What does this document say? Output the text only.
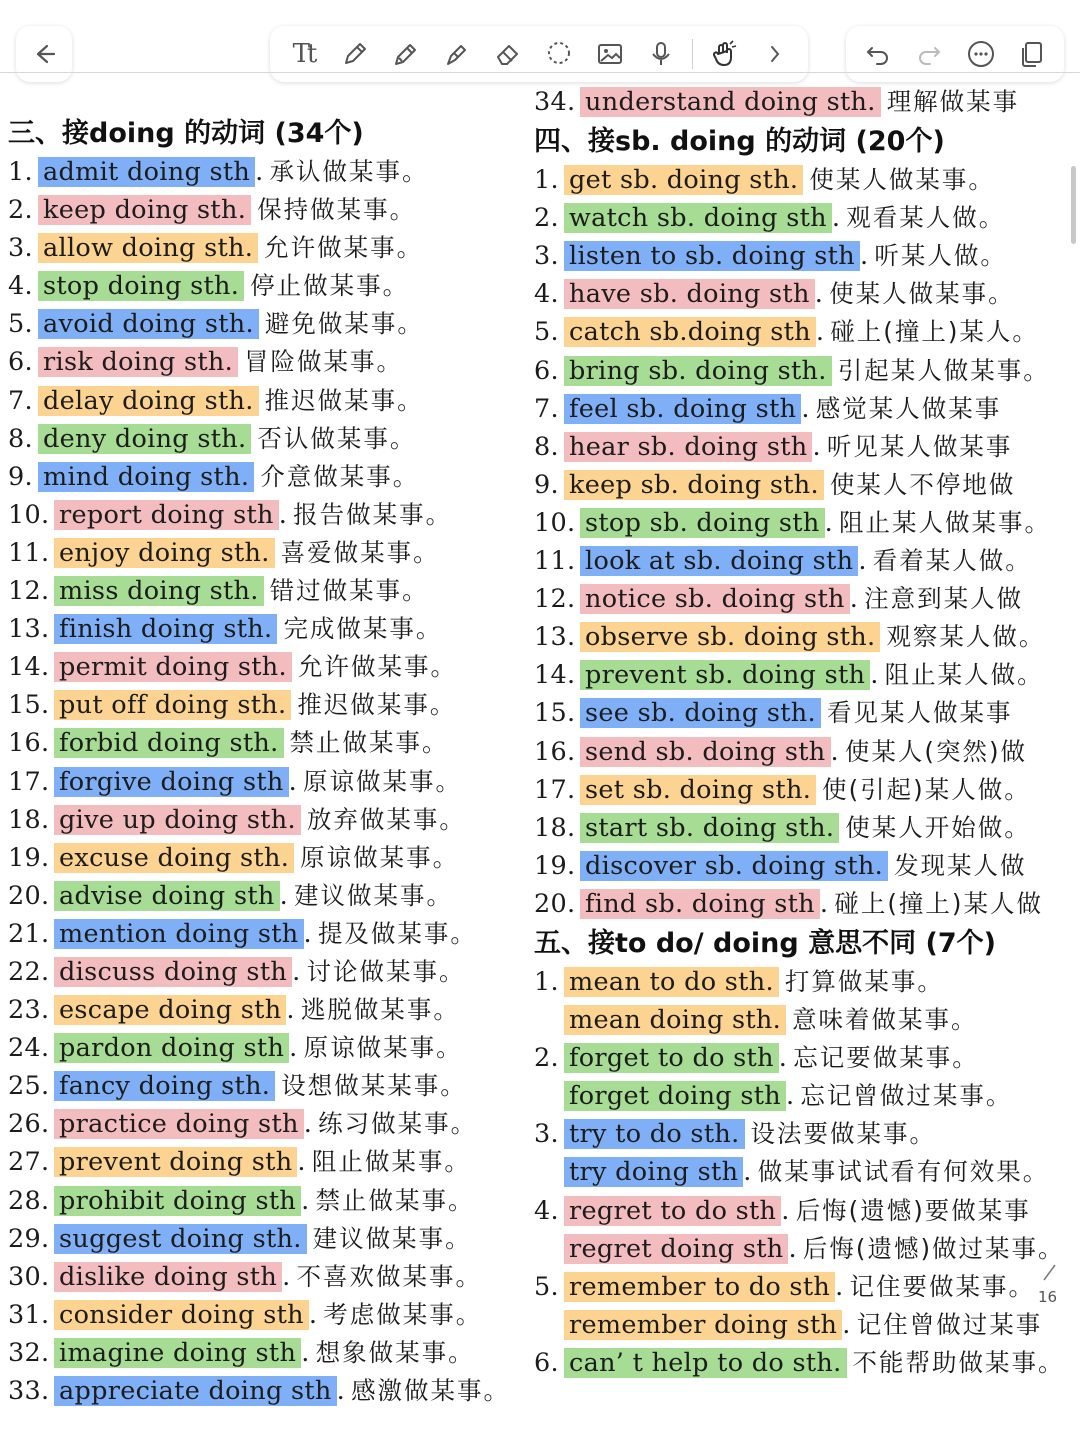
Tt
三、接doing 的动词 (34个)
1. admit doing sth . 承认做某事。
2. keep doing sth. 保持做某事。
3. allow doing sth. 允许做某事。
4. stop doing sth. 停止做某事。
5. avoid doing sth. 避免做某事。
6. risk doing sth. 冒险做某事。
7. delay doing sth. 推迟做某事。
8. deny doing sth. 否认做某事。
9. mind doing sth. 介意做某事。
10. report doing sth . 报告做某事。
11. enjoy doing sth. 喜爱做某事。
12. miss doing sth. 错过做某事。
13. finish doing sth. 完成做某事。
14. permit doing sth. 允许做某事。
15. put off doing sth. 推迟做某事。
16. forbid doing sth. 禁止做某事。
17. forgive doing sth . 原谅做某事。
18. give up doing sth. 放弃做某事。
19. excuse doing sth. 原谅做某事。
20. advise doing sth . 建议做某事。
21. mention doing sth . 提及做某事。
22. discuss doing sth . 讨论做某事。
23. escape doing sth . 逃脱做某事。
24. pardon doing sth . 原谅做某事。
25. fancy doing sth. 设想做某某事。
26. practice doing sth . 练习做某事。
27. prevent doing sth . 阻止做某事。
28. prohibit doing sth . 禁止做某事。
29. suggest doing sth. 建议做某事。
30. dislike doing sth . 不喜欢做某事。
31. consider doing sth . 考虑做某事。
32. imagine doing sth . 想象做某事。
33. appreciate doing sth . 感激做某事。
34. understand doing sth. 理解做某事
四、接sb. doing 的动词 (20个)
1. get sb. doing sth. 使某人做某事。
2. watch sb. doing sth . 观看某人做。
3. listen to sb. doing sth . 听某人做。
4. have sb. doing sth . 使某人做某事。
5. catch sb.doing sth . 碰上(撞上)某人。
6. bring sb. doing sth. 引起某人做某事。
7. feel sb. doing sth . 感觉某人做某事
8. hear sb. doing sth . 听见某人做某事
9. keep sb. doing sth. 使某人不停地做
10. stop sb. doing sth . 阻止某人做某事。
11. look at sb. doing sth . 看着某人做。
12. notice sb. doing sth . 注意到某人做
13. observe sb. doing sth. 观察某人做。
14. prevent sb. doing sth . 阻止某人做。
15. see sb. doing sth. 看见某人做某事
16. send sb. doing sth . 使某人(突然)做
17. set sb. doing sth. 使(引起)某人做。
18. start sb. doing sth. 使某人开始做。
19. discover sb. doing sth. 发现某人做
20. find sb. doing sth . 碰上(撞上)某人做
五、接to do/ doing 意思不同 (7个)
1. mean to do sth. 打算做某事。
mean doing sth. 意味着做某事。
2. forget to do sth . 忘记要做某事。
forget doing sth . 忘记曾做过某事。
3. try to do sth. 设法要做某事。
try doing sth . 做某事试试看有何效果。
4. regret to do sth . 后悔(遗憾)要做某事
regret doing sth . 后悔(遗憾)做过某事。
5. remember to do sth . 记住要做某事。
remember doing sth . 记住曾做过某事
6. can’ t help to do sth. 不能帮助做某事。
16
